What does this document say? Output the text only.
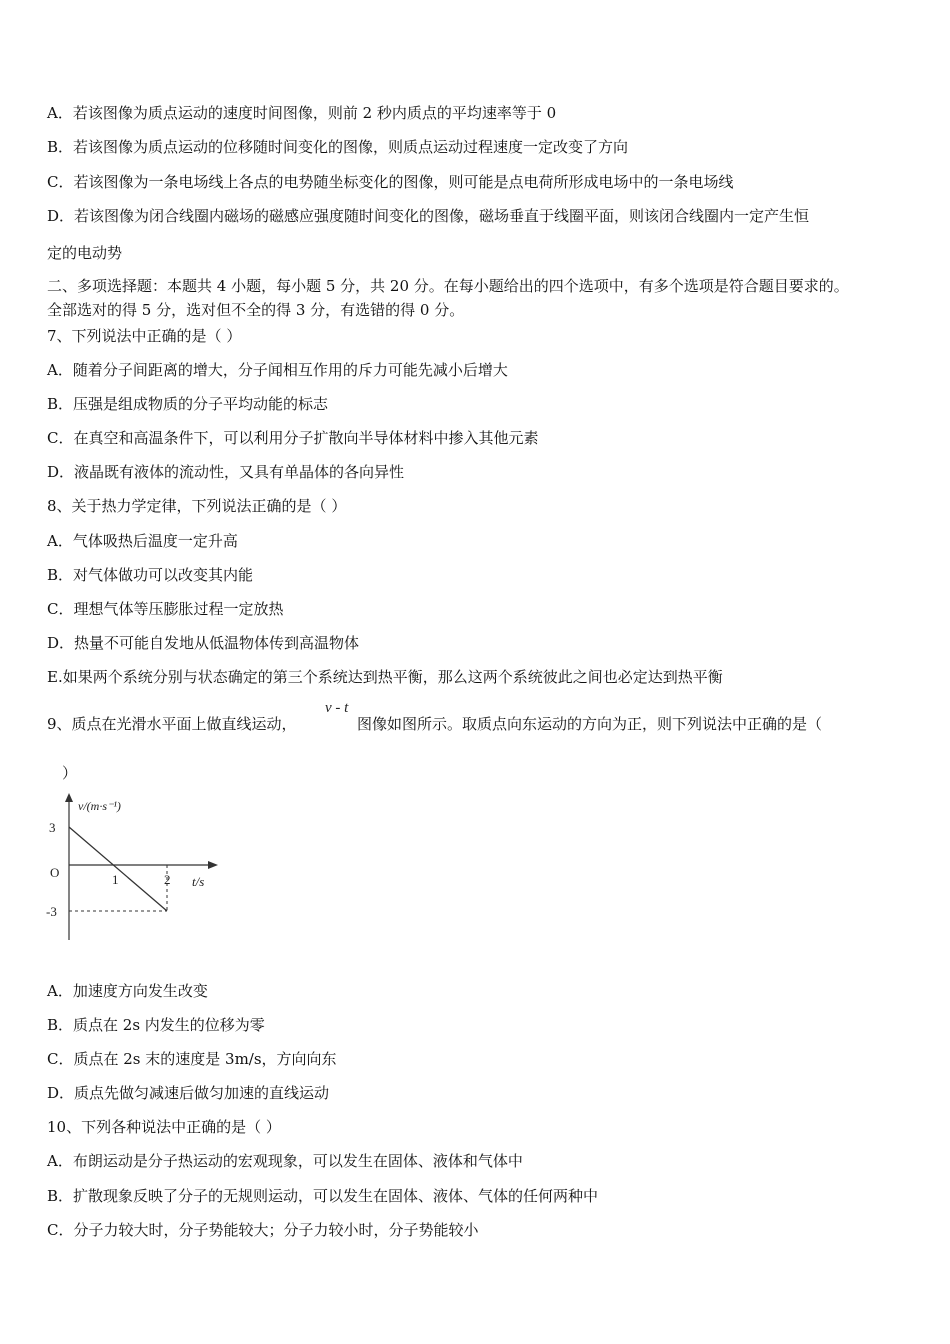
A．若该图像为质点运动的速度时间图像，则前 2 秒内质点的平均速率等于 0
B．若该图像为质点运动的位移随时间变化的图像，则质点运动过程速度一定改变了方向
C．若该图像为一条电场线上各点的电势随坐标变化的图像，则可能是点电荷所形成电场中的一条电场线
D．若该图像为闭合线圈内磁场的磁感应强度随时间变化的图像，磁场垂直于线圈平面，则该闭合线圈内一定产生恒
定的电动势
二、多项选择题：本题共 4 小题，每小题 5 分，共 20 分。在每小题给出的四个选项中，有多个选项是符合题目要求的。
全部选对的得 5 分，选对但不全的得 3 分，有选错的得 0 分。
7、下列说法中正确的是（ ）
A．随着分子间距离的增大，分子闻相互作用的斥力可能先减小后增大
B．压强是组成物质的分子平均动能的标志
C．在真空和高温条件下，可以利用分子扩散向半导体材料中掺入其他元素
D．液晶既有液体的流动性，又具有单晶体的各向异性
8、关于热力学定律，下列说法正确的是（ ）
A．气体吸热后温度一定升高
B．对气体做功可以改变其内能
C．理想气体等压膨胀过程一定放热
D．热量不可能自发地从低温物体传到高温物体
E.如果两个系统分别与状态确定的第三个系统达到热平衡，那么这两个系统彼此之间也必定达到热平衡
9、质点在光滑水平面上做直线运动，
v - t
图像如图所示。取质点向东运动的方向为正，则下列说法中正确的是（
）
v/(m·s⁻¹)
3
O
-3
1	2 t/s
A．加速度方向发生改变
B．质点在 2s 内发生的位移为零
C．质点在 2s 末的速度是 3m/s，方向向东
D．质点先做匀减速后做匀加速的直线运动
10、下列各种说法中正确的是（ ）
A．布朗运动是分子热运动的宏观现象，可以发生在固体、液体和气体中
B．扩散现象反映了分子的无规则运动，可以发生在固体、液体、气体的任何两种中
C．分子力较大时，分子势能较大；分子力较小时，分子势能较小
